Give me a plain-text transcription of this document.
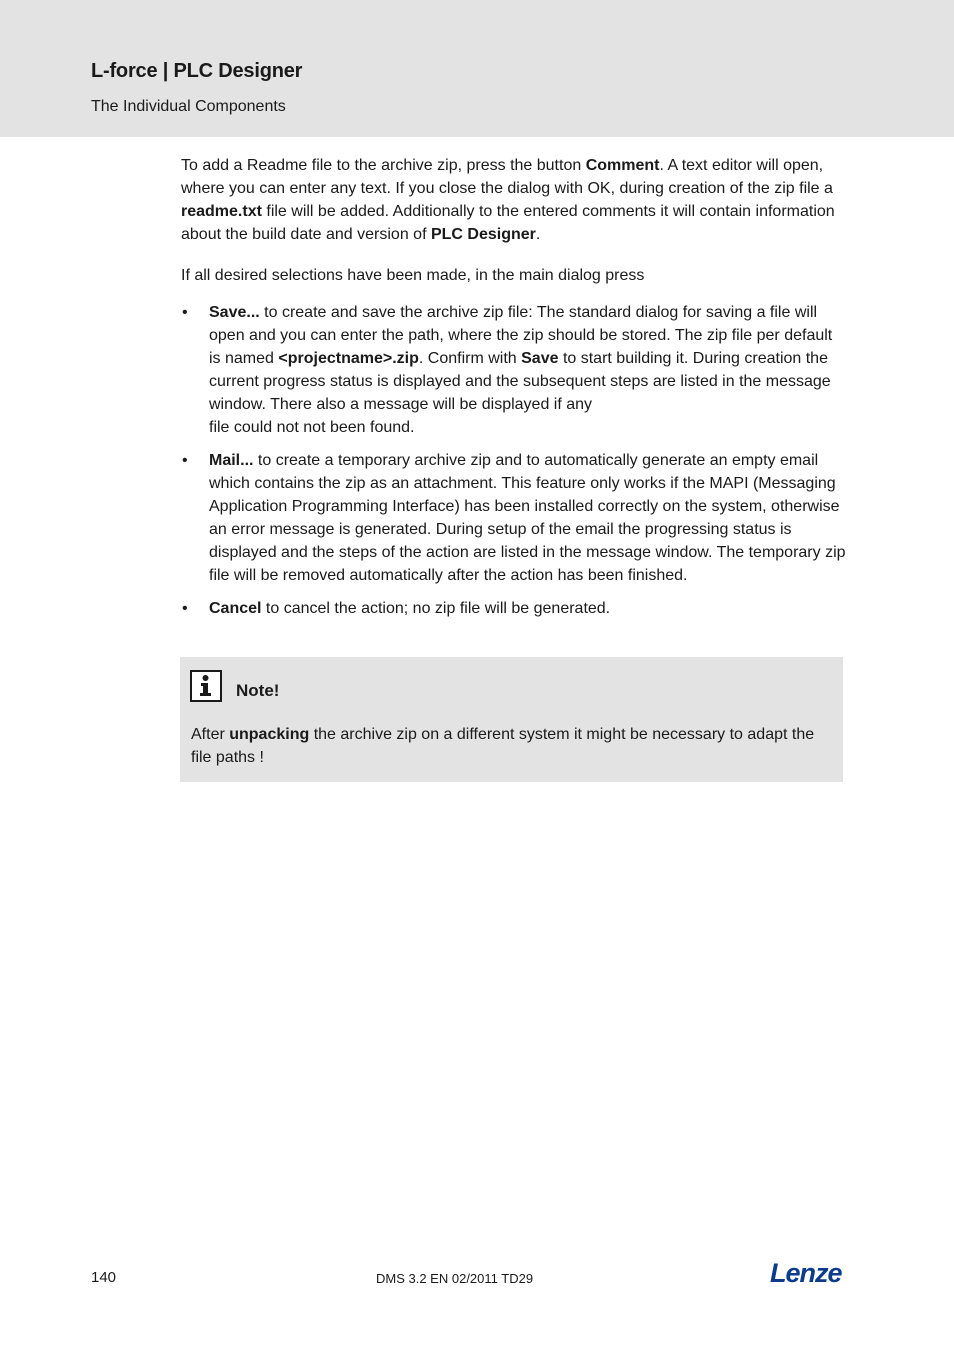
L-force | PLC Designer
The Individual Components

To add a Readme file to the archive zip, press the button Comment. A text editor will open, where you can enter any text. If you close the dialog with OK, during creation of the zip file a readme.txt file will be added. Additionally to the entered comments it will contain information about the build date and version of PLC Designer.

If all desired selections have been made, in the main dialog press

• Save... to create and save the archive zip file: The standard dialog for saving a file will open and you can enter the path, where the zip should be stored. The zip file per default is named <projectname>.zip. Confirm with Save to start building it. During creation the current progress status is displayed and the subsequent steps are listed in the message window. There also a message will be displayed if any
file could not not been found.
• Mail... to create a temporary archive zip and to automatically generate an empty email which contains the zip as an attachment. This feature only works if the MAPI (Messaging Application Programming Interface) has been installed correctly on the system, otherwise an error message is generated. During setup of the email the progressing status is displayed and the steps of the action are listed in the message window. The temporary zip file will be removed automatically after the action has been finished.
• Cancel to cancel the action; no zip file will be generated.
Note!
After unpacking the archive zip on a different system it might be necessary to adapt the file paths !
140	DMS 3.2 EN 02/2011 TD29	Lenze
